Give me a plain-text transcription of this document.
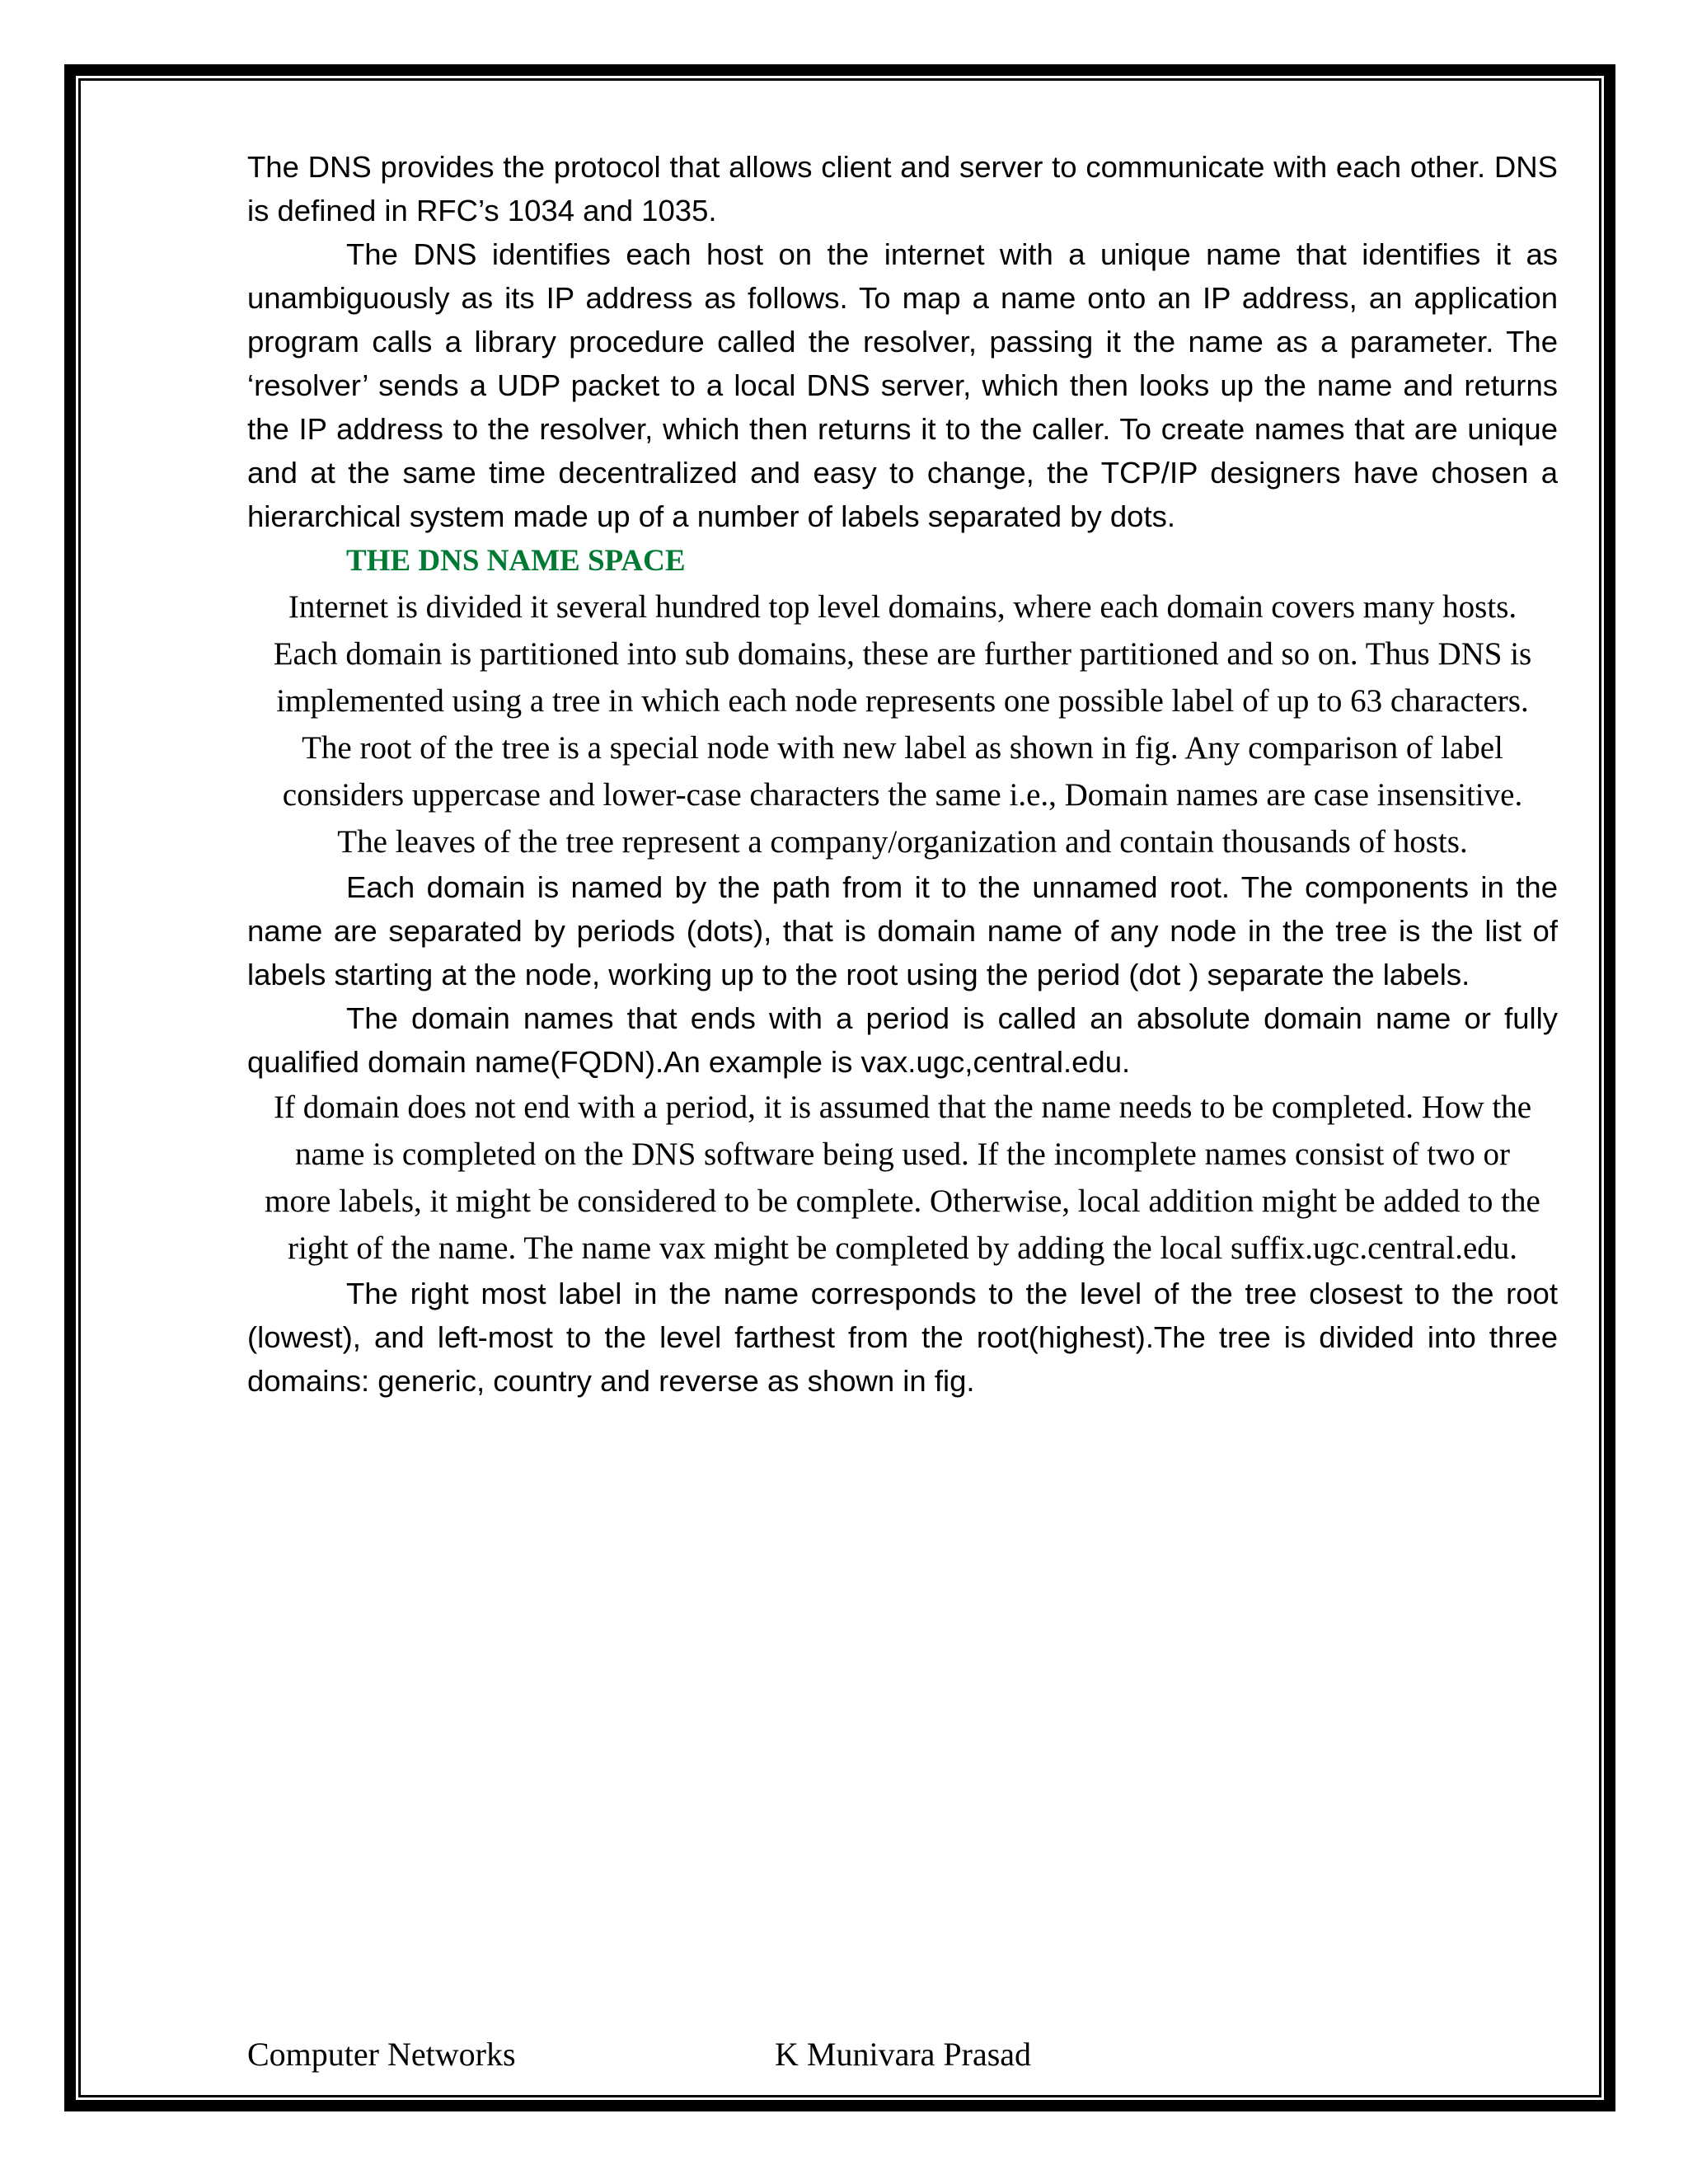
The DNS provides the protocol that allows client and server to communicate with each other. DNS is defined in RFC’s 1034 and 1035.

The DNS identifies each host on the internet with a unique name that identifies it as unambiguously as its IP address as follows. To map a name onto an IP address, an application program calls a library procedure called the resolver, passing it the name as a parameter. The ‘resolver’ sends a UDP packet to a local DNS server, which then looks up the name and returns the IP address to the resolver, which then returns it to the caller. To create names that are unique and at the same time decentralized and easy to change, the TCP/IP designers have chosen a hierarchical system made up of a number of labels separated by dots.

THE DNS NAME SPACE

Internet is divided it several hundred top level domains, where each domain covers many hosts.

Each domain is partitioned into sub domains, these are further partitioned and so on. Thus DNS is

implemented using a tree in which each node represents one possible label of up to 63 characters.

The root of the tree is a special node with new label as shown in fig. Any comparison of label

considers uppercase and lower-case characters the same i.e., Domain names are case insensitive.

The leaves of the tree represent a company/organization and contain thousands of hosts.

Each domain is named by the path from it to the unnamed root. The components in the name are separated by periods (dots), that is domain name of any node in the tree is the list of labels starting at the node, working up to the root using the period (dot ) separate the labels.

The domain names that ends with a period is called an absolute domain name or fully qualified domain name(FQDN).An example is vax.ugc,central.edu.

If domain does not end with a period, it is assumed that the name needs to be completed. How the

name is completed on the DNS software being used. If the incomplete names consist of two or

more labels, it might be considered to be complete. Otherwise, local addition might be added to the

right of the name. The name vax might be completed by adding the local suffix.ugc.central.edu.

The right most label in the name corresponds to the level of the tree closest to the root (lowest), and left-most to the level farthest from the root(highest).The tree is divided into three domains: generic, country and reverse as shown in fig.

Computer Networks	K Munivara Prasad
